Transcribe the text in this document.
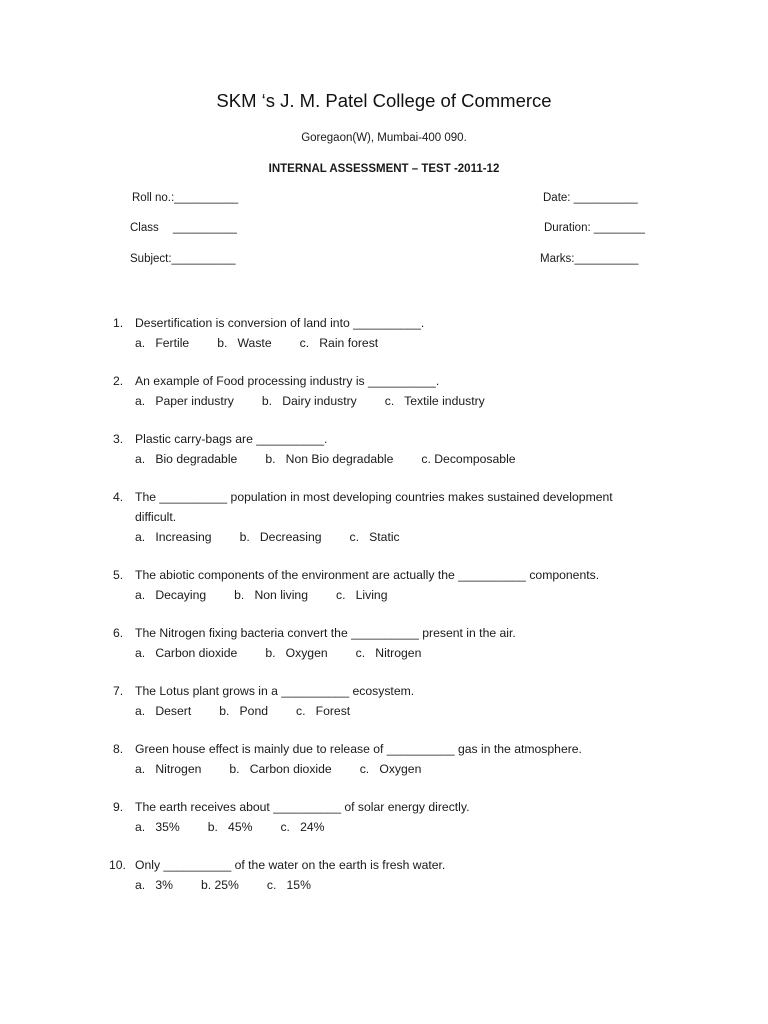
SKM ‘s J. M. Patel College of Commerce
Goregaon(W), Mumbai-400 090.
INTERNAL ASSESSMENT – TEST -2011-12
Roll no.:__________
Class __________
Subject:__________
Date: __________
Duration: ________
Marks:__________
1. Desertification is conversion of land into __________.
a.   Fertile b.   Waste c.   Rain forest
2. An example of Food processing industry is __________.
a.   Paper industry b.   Dairy industry c.   Textile industry
3. Plastic carry-bags are __________.
a.   Bio degradable b.   Non Bio degradable c. Decomposable
4. The __________ population in most developing countries makes sustained development difficult.
a.   Increasing b.   Decreasing c.   Static
5. The abiotic components of the environment are actually the __________ components.
a.   Decaying b.   Non living c.   Living
6. The Nitrogen fixing bacteria convert the __________ present in the air.
a.   Carbon dioxide b.   Oxygen c.   Nitrogen
7. The Lotus plant grows in a __________ ecosystem.
a.   Desert b.   Pond c.   Forest
8. Green house effect is mainly due to release of __________ gas in the atmosphere.
a.   Nitrogen b.   Carbon dioxide c.   Oxygen
9. The earth receives about __________ of solar energy directly.
a.   35% b.   45% c.   24%
10. Only __________ of the water on the earth is fresh water.
a.   3% b. 25% c.   15%
